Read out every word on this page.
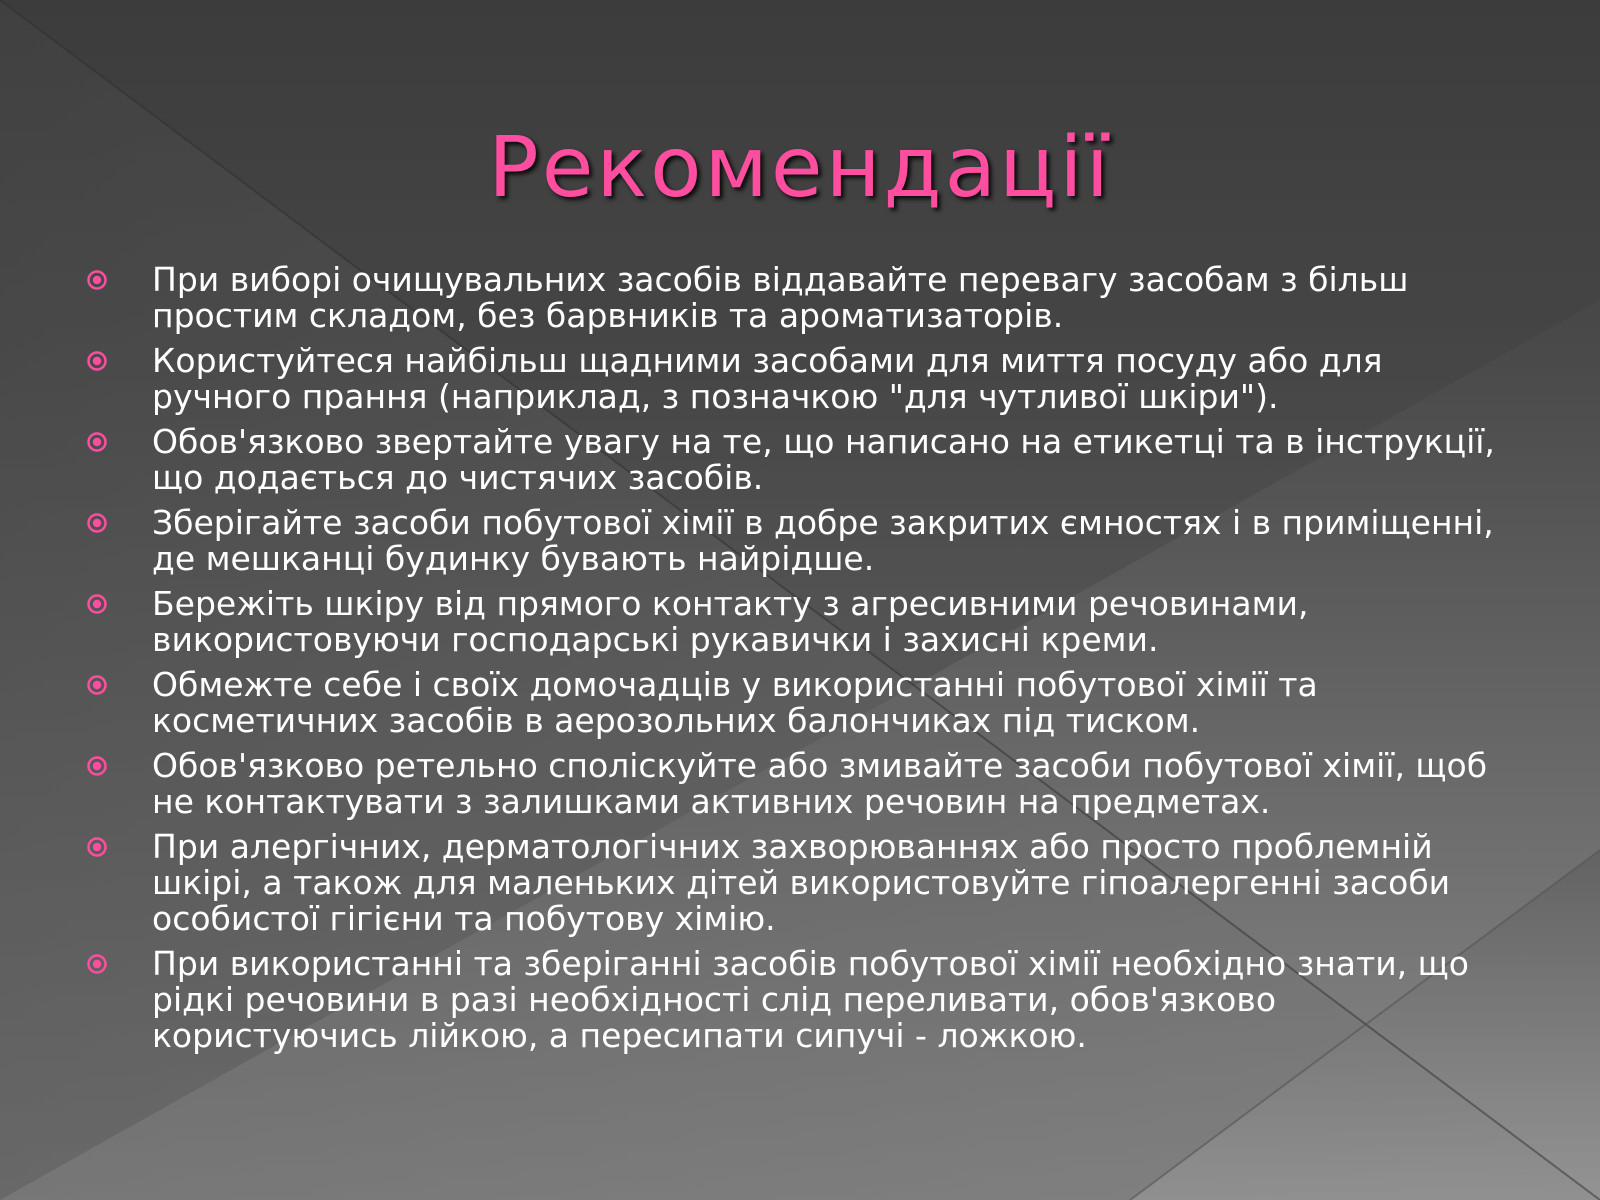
Рекомендації
При виборі очищувальних засобів віддавайте перевагу засобам з більш простим складом, без барвників та ароматизаторів.
Користуйтеся найбільш щадними засобами для миття посуду або для ручного прання (наприклад, з позначкою "для чутливої шкіри").
Обов'язково звертайте увагу на те, що написано на етикетці та в інструкції, що додається до чистячих засобів.
Зберігайте засоби побутової хімії в добре закритих ємностях і в приміщенні, де мешканці будинку бувають найрідше.
Бережіть шкіру від прямого контакту з агресивними речовинами, використовуючи господарські рукавички і захисні креми.
Обмежте себе і своїх домочадців у використанні побутової хімії та косметичних засобів в аерозольних балончиках під тиском.
Обов'язково ретельно споліскуйте або змивайте засоби побутової хімії, щоб не контактувати з залишками активних речовин на предметах.
При алергічних, дерматологічних захворюваннях або просто проблемній шкірі, а також для маленьких дітей використовуйте гіпоалергенні засоби особистої гігієни та побутову хімію.
При використанні та зберіганні засобів побутової хімії необхідно знати, що рідкі речовини в разі необхідності слід переливати, обов'язково користуючись лійкою, а пересипати сипучі - ложкою.
